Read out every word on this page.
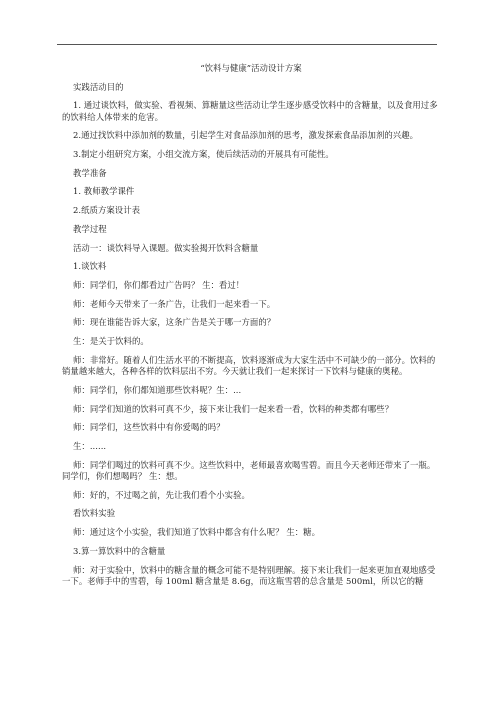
“饮料与健康”活动设计方案

实践活动目的

1. 通过谈饮料，做实验、看视频、算糖量这些活动让学生逐步感受饮料中的含糖量，以及食用过多的饮料给人体带来的危害。

2.通过找饮料中添加剂的数量，引起学生对食品添加剂的思考，激发探索食品添加剂的兴趣。

3.制定小组研究方案，小组交流方案，使后续活动的开展具有可能性。

教学准备

1. 教师教学课件

2.纸质方案设计表

教学过程

活动一：谈饮料导入课题。做实验揭开饮料含糖量

1.谈饮料

师：同学们，你们都看过广告吗？ 生：看过！

师：老师今天带来了一条广告，让我们一起来看一下。

师：现在谁能告诉大家，这条广告是关于哪一方面的？

生：是关于饮料的。

师：非常好。随着人们生活水平的不断提高，饮料逐渐成为大家生活中不可缺少的一部分。饮料的销量越来越大，各种各样的饮料层出不穷。今天就让我们一起来探讨一下饮料与健康的奥秘。

师：同学们，你们都知道那些饮料呢？生：...

师：同学们知道的饮料可真不少，接下来让我们一起来看一看，饮料的种类都有哪些？

师：同学们，这些饮料中有你爱喝的吗？

生：......

师：同学们喝过的饮料可真不少。这些饮料中，老师最喜欢喝雪碧。而且今天老师还带来了一瓶。同学们，你们想喝吗？ 生：想。

师：好的，不过喝之前，先让我们看个小实验。

看饮料实验

师：通过这个小实验，我们知道了饮料中都含有什么呢？ 生：糖。

3.算一算饮料中的含糖量

师：对于实验中，饮料中的糖含量的概念可能不是特别理解。接下来让我们一起来更加直观地感受一下。老师手中的雪碧，每 100ml 糖含量是 8.6g，而这瓶雪碧的总含量是 500ml，所以它的糖
